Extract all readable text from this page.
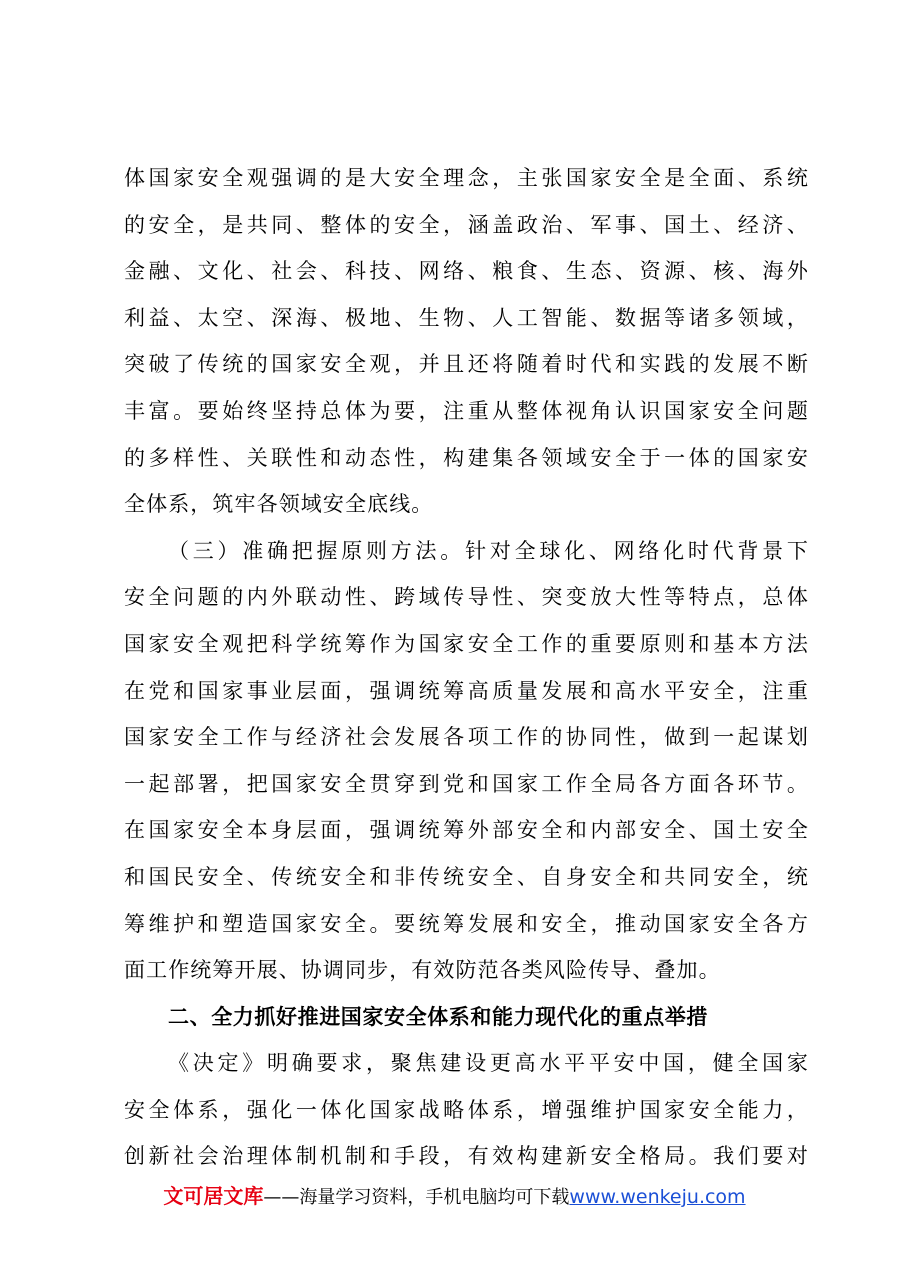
体国家安全观强调的是大安全理念，主张国家安全是全面、系统
的安全，是共同、整体的安全，涵盖政治、军事、国土、经济、
金融、文化、社会、科技、网络、粮食、生态、资源、核、海外
利益、太空、深海、极地、生物、人工智能、数据等诸多领域，
突破了传统的国家安全观，并且还将随着时代和实践的发展不断
丰富。要始终坚持总体为要，注重从整体视角认识国家安全问题
的多样性、关联性和动态性，构建集各领域安全于一体的国家安
全体系，筑牢各领域安全底线。
（三）准确把握原则方法。针对全球化、网络化时代背景下
安全问题的内外联动性、跨域传导性、突变放大性等特点，总体
国家安全观把科学统筹作为国家安全工作的重要原则和基本方法
在党和国家事业层面，强调统筹高质量发展和高水平安全，注重
国家安全工作与经济社会发展各项工作的协同性，做到一起谋划
一起部署，把国家安全贯穿到党和国家工作全局各方面各环节。
在国家安全本身层面，强调统筹外部安全和内部安全、国土安全
和国民安全、传统安全和非传统安全、自身安全和共同安全，统
筹维护和塑造国家安全。要统筹发展和安全，推动国家安全各方
面工作统筹开展、协调同步，有效防范各类风险传导、叠加。
二、全力抓好推进国家安全体系和能力现代化的重点举措
《决定》明确要求，聚焦建设更高水平平安中国，健全国家
安全体系，强化一体化国家战略体系，增强维护国家安全能力，
创新社会治理体制机制和手段，有效构建新安全格局。我们要对
文可居文库——海量学习资料，手机电脑均可下载www.wenkeju.com
